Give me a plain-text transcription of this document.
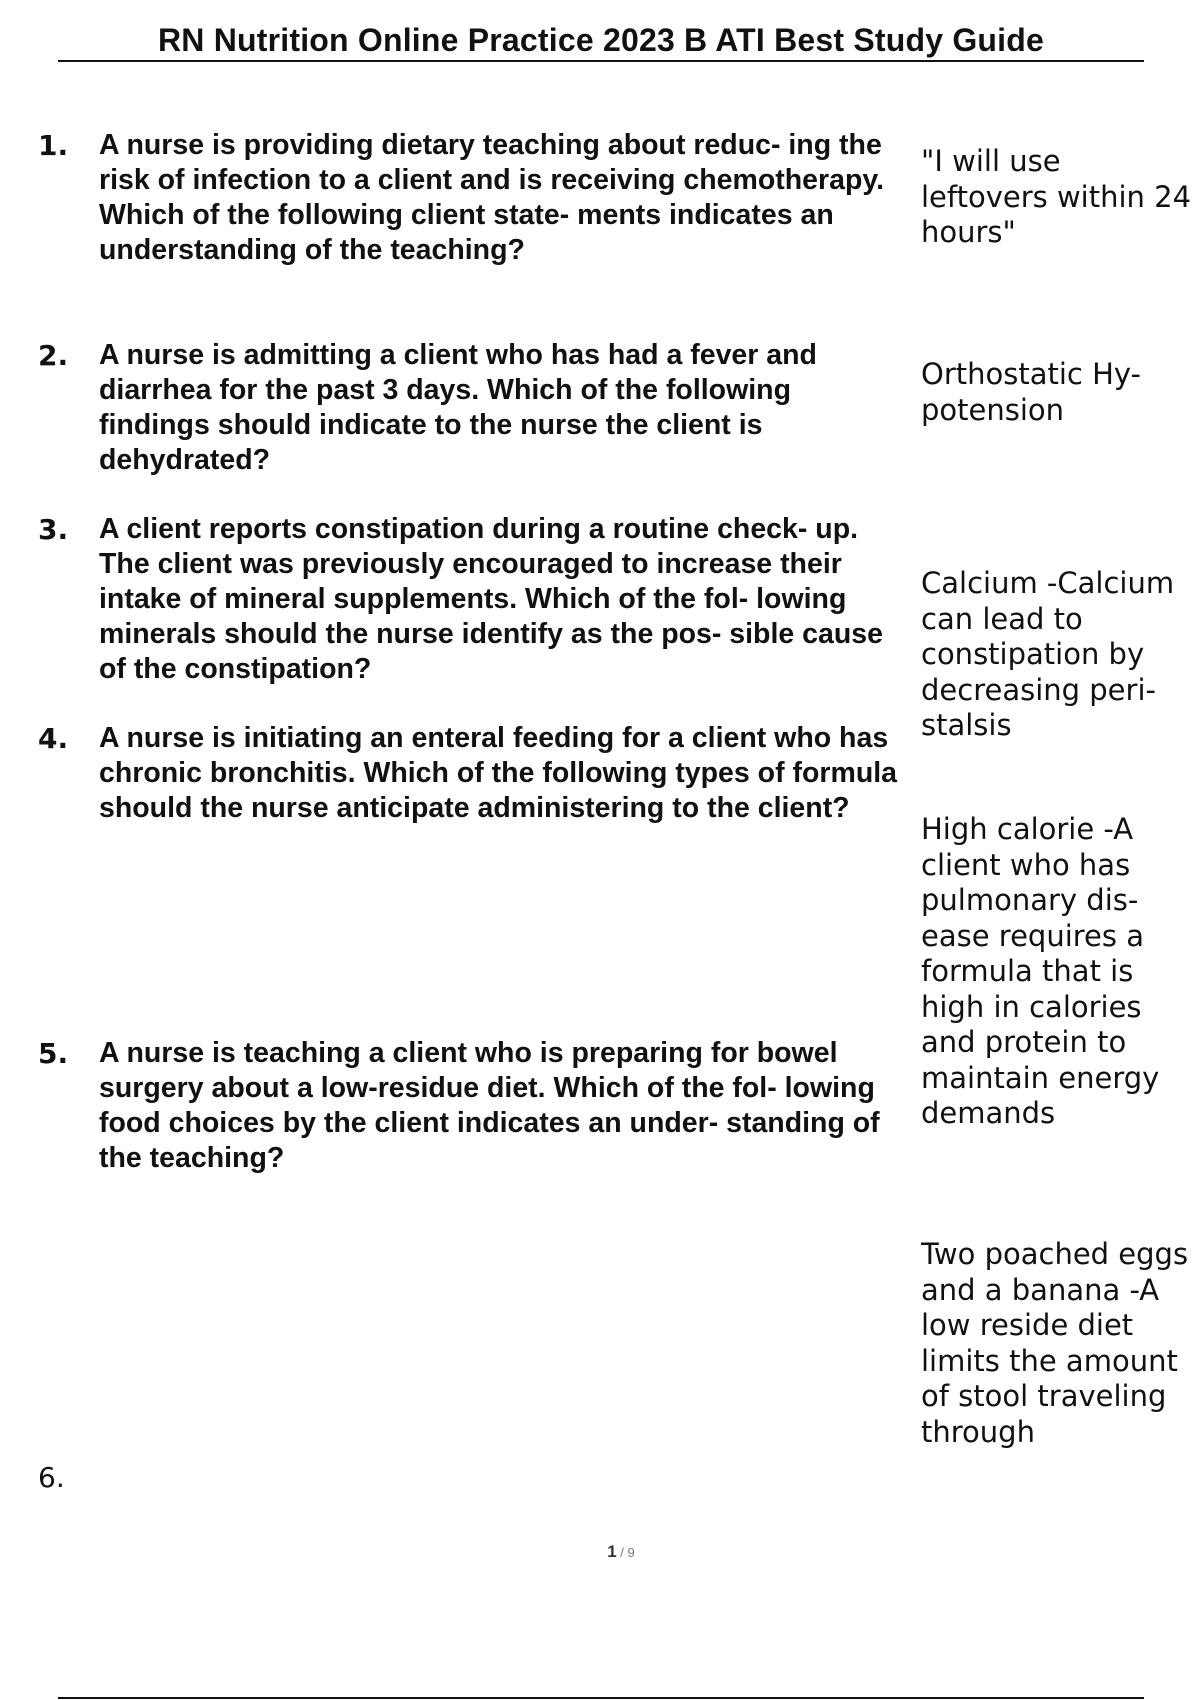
RN Nutrition Online Practice 2023 B ATI Best Study Guide
1.	A nurse is providing dietary teaching about reduc- ing the risk of infection to a client and is receiving chemotherapy. Which of the following client state- ments indicates an understanding of the teaching?
"I will use leftovers within 24 hours"
2.	A nurse is admitting a client who has had a fever and diarrhea for the past 3 days. Which of the following findings should indicate to the nurse the client is dehydrated?
Orthostatic Hy- potension
3.	A client reports constipation during a routine check- up. The client was previously encouraged to increase their intake of mineral supplements. Which of the fol- lowing minerals should the nurse identify as the pos- sible cause of the constipation?
Calcium -Calcium can lead to constipation by decreasing peri- stalsis
4.	A nurse is initiating an enteral feeding for a client who has chronic bronchitis. Which of the following types of formula should the nurse anticipate administering to the client?
High calorie -A client who has pulmonary dis- ease requires a formula that is high in calories and protein to maintain energy demands
5.	A nurse is teaching a client who is preparing for bowel surgery about a low-residue diet. Which of the fol- lowing food choices by the client indicates an under- standing of the teaching?
Two poached eggs and a banana -A low reside diet limits the amount of stool traveling through
6.
1 / 9
